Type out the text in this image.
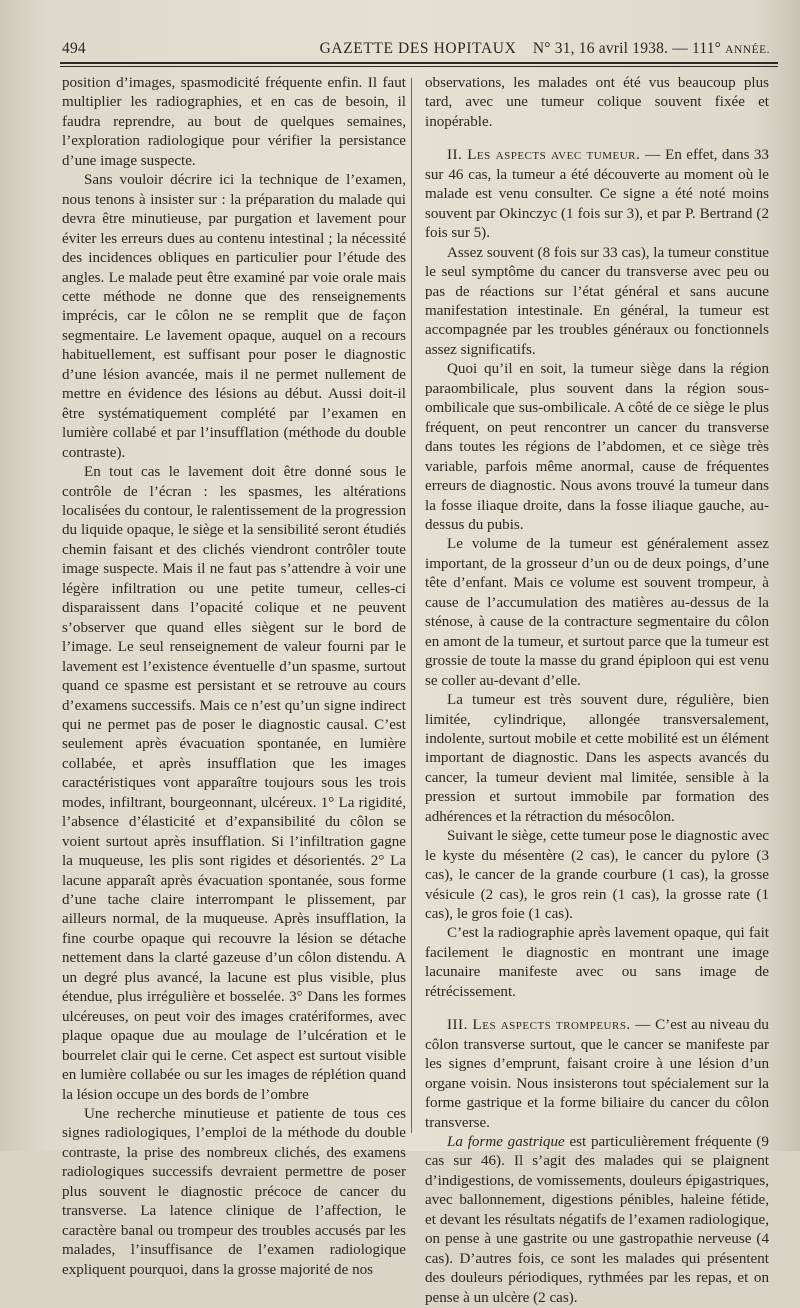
494	GAZETTE DES HOPITAUX	N° 31, 16 avril 1938. — 111° ANNÉE.

position d’images, spasmodicité fréquente enfin. Il faut multiplier les radiographies, et en cas de besoin, il faudra reprendre, au bout de quelques semaines, l’exploration radiologique pour vérifier la persistance d’une image suspecte.

Sans vouloir décrire ici la technique de l’examen, nous tenons à insister sur : la préparation du malade qui devra être minutieuse, par purgation et lavement pour éviter les erreurs dues au contenu intestinal ; la nécessité des incidences obliques en particulier pour l’étude des angles. Le malade peut être examiné par voie orale mais cette méthode ne donne que des renseignements imprécis, car le côlon ne se remplit que de façon segmentaire. Le lavement opaque, auquel on a recours habituellement, est suffisant pour poser le diagnostic d’une lésion avancée, mais il ne permet nullement de mettre en évidence des lésions au début. Aussi doit-il être systématiquement complété par l’examen en lumière collabé et par l’insufflation (méthode du double contraste).

En tout cas le lavement doit être donné sous le contrôle de l’écran : les spasmes, les altérations localisées du contour, le ralentissement de la progression du liquide opaque, le siège et la sensibilité seront étudiés chemin faisant et des clichés viendront contrôler toute image suspecte. Mais il ne faut pas s’attendre à voir une légère infiltration ou une petite tumeur, celles-ci disparaissent dans l’opacité colique et ne peuvent s’observer que quand elles siègent sur le bord de l’image. Le seul renseignement de valeur fourni par le lavement est l’existence éventuelle d’un spasme, surtout quand ce spasme est persistant et se retrouve au cours d’examens successifs. Mais ce n’est qu’un signe indirect qui ne permet pas de poser le diagnostic causal. C’est seulement après évacuation spontanée, en lumière collabée, et après insufflation que les images caractéristiques vont apparaître toujours sous les trois modes, infiltrant, bourgeonnant, ulcéreux. 1° La rigidité, l’absence d’élasticité et d’expansibilité du côlon se voient surtout après insufflation. Si l’infiltration gagne la muqueuse, les plis sont rigides et désorientés. 2° La lacune apparaît après évacuation spontanée, sous forme d’une tache claire interrompant le plissement, par ailleurs normal, de la muqueuse. Après insufflation, la fine courbe opaque qui recouvre la lésion se détache nettement dans la clarté gazeuse d’un côlon distendu. A un degré plus avancé, la lacune est plus visible, plus étendue, plus irrégulière et bosselée. 3° Dans les formes ulcéreuses, on peut voir des images cratériformes, avec plaque opaque due au moulage de l’ulcération et le bourrelet clair qui le cerne. Cet aspect est surtout visible en lumière collabée ou sur les images de réplétion quand la lésion occupe un des bords de l’ombre

Une recherche minutieuse et patiente de tous ces signes radiologiques, l’emploi de la méthode du double contraste, la prise des nombreux clichés, des examens radiologiques successifs devraient permettre de poser plus souvent le diagnostic précoce de cancer du transverse. La latence clinique de l’affection, le caractère banal ou trompeur des troubles accusés par les malades, l’insuffisance de l’examen radiologique expliquent pourquoi, dans la grosse majorité de nos

observations, les malades ont été vus beaucoup plus tard, avec une tumeur colique souvent fixée et inopérable.

II. Les aspects avec tumeur. — En effet, dans 33 sur 46 cas, la tumeur a été découverte au moment où le malade est venu consulter. Ce signe a été noté moins souvent par Okinczyc (1 fois sur 3), et par P. Bertrand (2 fois sur 5).

Assez souvent (8 fois sur 33 cas), la tumeur constitue le seul symptôme du cancer du transverse avec peu ou pas de réactions sur l’état général et sans aucune manifestation intestinale. En général, la tumeur est accompagnée par les troubles généraux ou fonctionnels assez significatifs.

Quoi qu’il en soit, la tumeur siège dans la région paraombilicale, plus souvent dans la région sous-ombilicale que sus-ombilicale. A côté de ce siège le plus fréquent, on peut rencontrer un cancer du transverse dans toutes les régions de l’abdomen, et ce siège très variable, parfois même anormal, cause de fréquentes erreurs de diagnostic. Nous avons trouvé la tumeur dans la fosse iliaque droite, dans la fosse iliaque gauche, au-dessus du pubis.

Le volume de la tumeur est généralement assez important, de la grosseur d’un ou de deux poings, d’une tête d’enfant. Mais ce volume est souvent trompeur, à cause de l’accumulation des matières au-dessus de la sténose, à cause de la contracture segmentaire du côlon en amont de la tumeur, et surtout parce que la tumeur est grossie de toute la masse du grand épiploon qui est venu se coller au-devant d’elle.

La tumeur est très souvent dure, régulière, bien limitée, cylindrique, allongée transversalement, indolente, surtout mobile et cette mobilité est un élément important de diagnostic. Dans les aspects avancés du cancer, la tumeur devient mal limitée, sensible à la pression et surtout immobile par formation des adhérences et la rétraction du mésocôlon.

Suivant le siège, cette tumeur pose le diagnostic avec le kyste du mésentère (2 cas), le cancer du pylore (3 cas), le cancer de la grande courbure (1 cas), la grosse vésicule (2 cas), le gros rein (1 cas), la grosse rate (1 cas), le gros foie (1 cas).

C’est la radiographie après lavement opaque, qui fait facilement le diagnostic en montrant une image lacunaire manifeste avec ou sans image de rétrécissement.

III. Les aspects trompeurs. — C’est au niveau du côlon transverse surtout, que le cancer se manifeste par les signes d’emprunt, faisant croire à une lésion d’un organe voisin. Nous insisterons tout spécialement sur la forme gastrique et la forme biliaire du cancer du côlon transverse.

La forme gastrique est particulièrement fréquente (9 cas sur 46). Il s’agit des malades qui se plaignent d’indigestions, de vomissements, douleurs épigastriques, avec ballonnement, digestions pénibles, haleine fétide, et devant les résultats négatifs de l’examen radiologique, on pense à une gastrite ou une gastropathie nerveuse (4 cas). D’autres fois, ce sont les malades qui présentent des douleurs périodiques, rythmées par les repas, et on pense à un ulcère (2 cas).
